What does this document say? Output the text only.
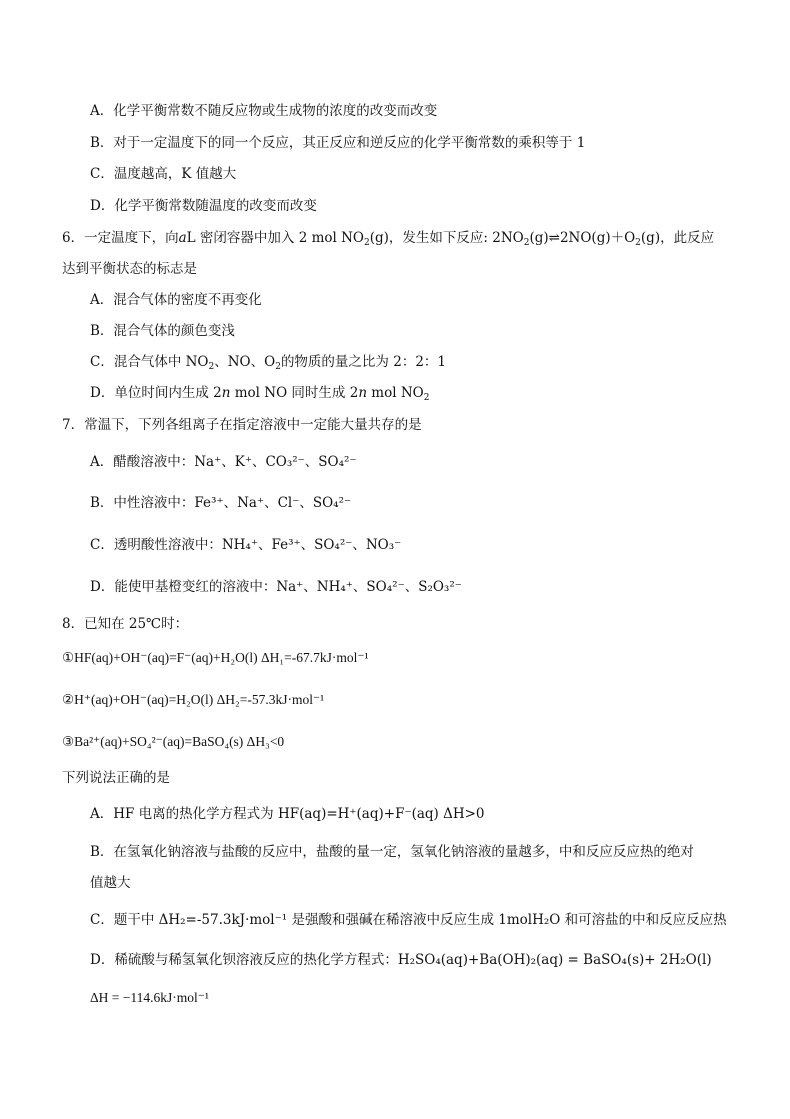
A．化学平衡常数不随反应物或生成物的浓度的改变而改变
B．对于一定温度下的同一个反应，其正反应和逆反应的化学平衡常数的乘积等于 1
C．温度越高，K 值越大
D．化学平衡常数随温度的改变而改变
6．一定温度下，向aL 密闭容器中加入 2 mol $NO_2(g)$，发生如下反应: $2NO_2(g)\rightleftharpoons 2NO(g)+O_2(g)$，此反应
达到平衡状态的标志是
A．混合气体的密度不再变化
B．混合气体的颜色变浅
C．混合气体中 $NO_2$、NO、$O_2$的物质的量之比为 2：2：1
D．单位时间内生成 2n mol NO 同时生成 2n mol $NO_2$
7．常温下，下列各组离子在指定溶液中一定能大量共存的是
A．醋酸溶液中：Na⁺、K⁺、CO₃²⁻、SO₄²⁻
B．中性溶液中：Fe³⁺、Na⁺、Cl⁻、SO₄²⁻
C．透明酸性溶液中：NH₄⁺、Fe³⁺、SO₄²⁻、NO₃⁻
D．能使甲基橙变红的溶液中：Na⁺、NH₄⁺、SO₄²⁻、S₂O₃²⁻
8．已知在 25℃时：
①HF(aq)+OH⁻(aq)=F⁻(aq)+H₂O(l) ΔH₁=-67.7kJ·mol⁻¹
②H⁺(aq)+OH⁻(aq)=H₂O(l) ΔH₂=-57.3kJ·mol⁻¹
③Ba²⁺(aq)+SO₄²⁻(aq)=BaSO₄(s) ΔH₃<0
下列说法正确的是
A．HF 电离的热化学方程式为 HF(aq)=H⁺(aq)+F⁻(aq) ΔH>0
B．在氢氧化钠溶液与盐酸的反应中，盐酸的量一定，氢氧化钠溶液的量越多，中和反应反应热的绝对
值越大
C．题干中 ΔH₂=-57.3kJ·mol⁻¹ 是强酸和强碱在稀溶液中反应生成 1molH₂O 和可溶盐的中和反应反应热
D．稀硫酸与稀氢氧化钡溶液反应的热化学方程式：H₂SO₄(aq)+Ba(OH)₂(aq) = BaSO₄(s)+ 2H₂O(l)
ΔH = −114.6kJ·mol⁻¹
